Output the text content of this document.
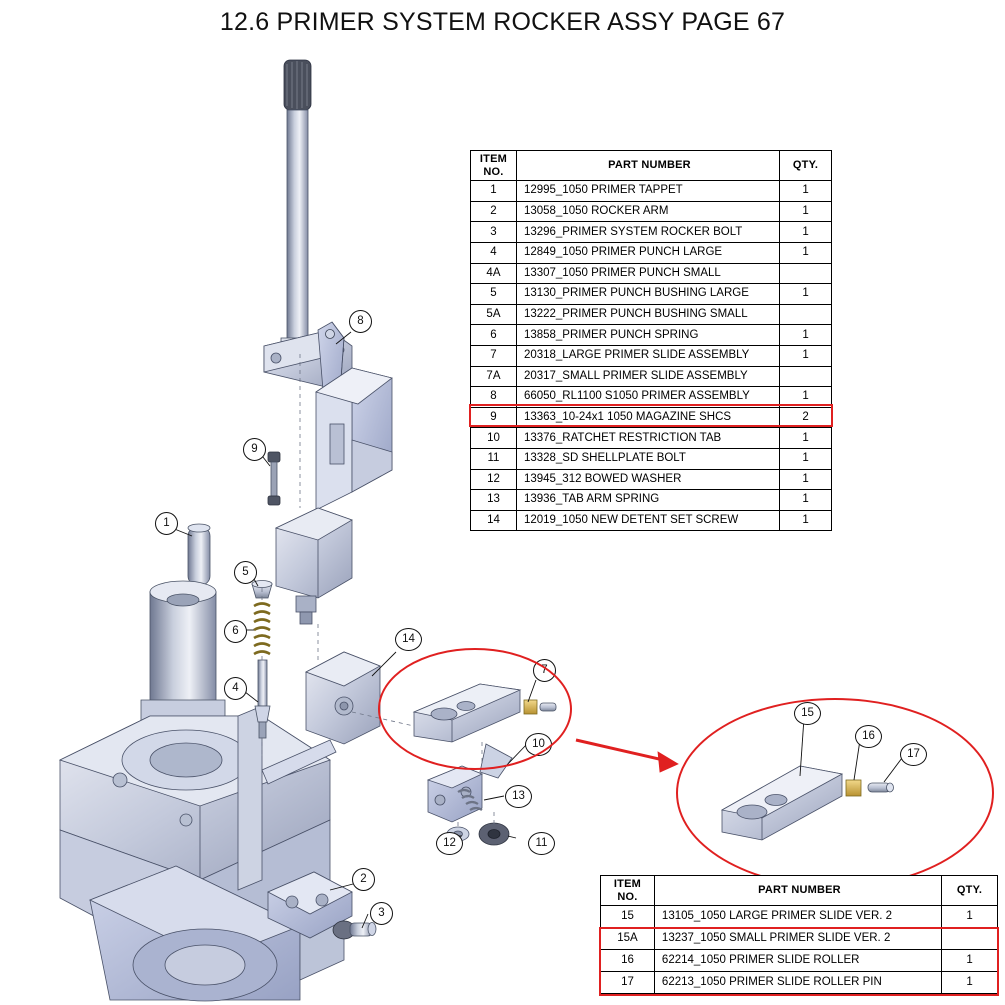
12.6 PRIMER SYSTEM ROCKER ASSY PAGE 67
1
2
3
4
5
6
7
8
9
10
11
12
13
14
15
16
17
ITEM NO.	PART NUMBER	QTY.
1	12995_1050 PRIMER TAPPET	1
2	13058_1050 ROCKER ARM	1
3	13296_PRIMER SYSTEM ROCKER BOLT	1
4	12849_1050 PRIMER PUNCH LARGE	1
4A	13307_1050 PRIMER PUNCH SMALL	
5	13130_PRIMER PUNCH BUSHING LARGE	1
5A	13222_PRIMER PUNCH BUSHING SMALL	
6	13858_PRIMER PUNCH SPRING	1
7	20318_LARGE PRIMER SLIDE ASSEMBLY	1
7A	20317_SMALL PRIMER SLIDE ASSEMBLY	
8	66050_RL1100 S1050 PRIMER ASSEMBLY	1
9	13363_10-24x1 1050 MAGAZINE SHCS	2
10	13376_RATCHET RESTRICTION TAB	1
11	13328_SD SHELLPLATE BOLT	1
12	13945_312 BOWED WASHER	1
13	13936_TAB ARM SPRING	1
14	12019_1050 NEW DETENT SET SCREW	1
ITEM NO.	PART NUMBER	QTY.
15	13105_1050 LARGE PRIMER SLIDE VER. 2	1
15A	13237_1050 SMALL PRIMER SLIDE VER. 2	
16	62214_1050 PRIMER SLIDE ROLLER	1
17	62213_1050 PRIMER SLIDE ROLLER PIN	1
